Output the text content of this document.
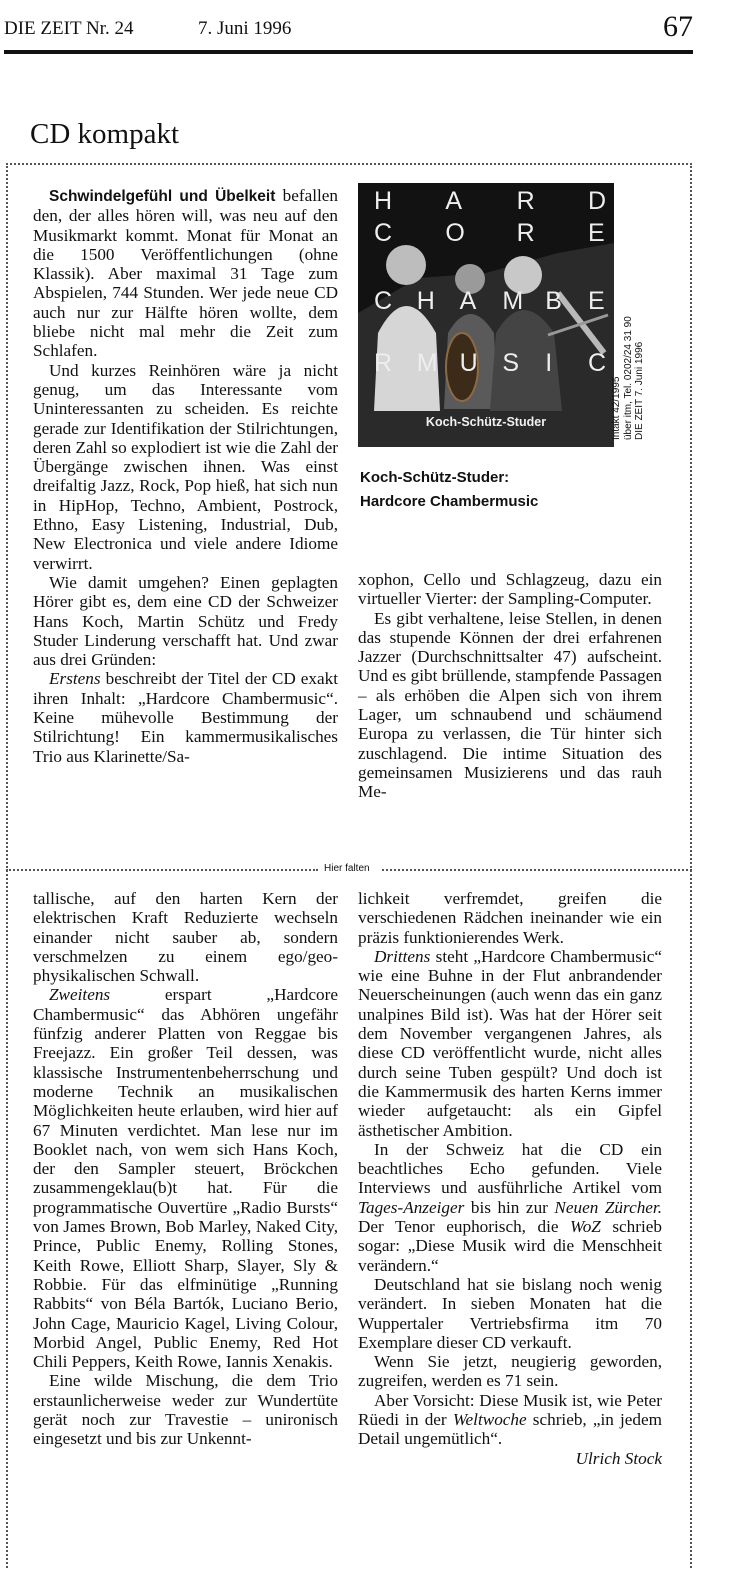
DIE ZEIT Nr. 24	7. Juni 1996	67
CD kompakt
Hier falten

Schwindelgefühl und Übelkeit befallen den, der alles hören will, was neu auf den Musikmarkt kommt. Monat für Monat an die 1500 Veröffentlichungen (ohne Klassik). Aber maximal 31 Tage zum Abspielen, 744 Stunden. Wer jede neue CD auch nur zur Hälfte hören wollte, dem bliebe nicht mal mehr die Zeit zum Schlafen.

Und kurzes Reinhören wäre ja nicht genug, um das Interessante vom Uninteressanten zu scheiden. Es reichte gerade zur Identifikation der Stilrichtungen, deren Zahl so explodiert ist wie die Zahl der Übergänge zwischen ihnen. Was einst dreifaltig Jazz, Rock, Pop hieß, hat sich nun in HipHop, Techno, Ambient, Postrock, Ethno, Easy Listening, Industrial, Dub, New Electronica und viele andere Idiome verwirrt.

Wie damit umgehen? Einen geplagten Hörer gibt es, dem eine CD der Schweizer Hans Koch, Martin Schütz und Fredy Studer Linderung verschafft hat. Und zwar aus drei Gründen:

Erstens beschreibt der Titel der CD exakt ihren Inhalt: „Hardcore Chambermusic“. Keine mühevolle Bestimmung der Stilrichtung! Ein kammermusikalisches Trio aus Klarinette/Sa-

xophon, Cello und Schlagzeug, dazu ein virtueller Vierter: der Sampling-Computer.

Es gibt verhaltene, leise Stellen, in denen das stupende Können der drei erfahrenen Jazzer (Durchschnittsalter 47) aufscheint. Und es gibt brüllende, stampfende Passagen – als erhöben die Alpen sich von ihrem Lager, um schnaubend und schäumend Europa zu verlassen, die Tür hinter sich zuschlagend. Die intime Situation des gemeinsamen Musizierens und das rauh Me-

tallische, auf den harten Kern der elektrischen Kraft Reduzierte wechseln einander nicht sauber ab, sondern verschmelzen zu einem ego/geo-physikalischen Schwall.

Zweitens erspart „Hardcore Chambermusic“ das Abhören ungefähr fünfzig anderer Platten von Reggae bis Freejazz. Ein großer Teil dessen, was klassische Instrumentenbeherrschung und moderne Technik an musikalischen Möglichkeiten heute erlauben, wird hier auf 67 Minuten verdichtet. Man lese nur im Booklet nach, von wem sich Hans Koch, der den Sampler steuert, Bröckchen zusammengeklau(b)t hat. Für die programmatische Ouvertüre „Radio Bursts“ von James Brown, Bob Marley, Naked City, Prince, Public Enemy, Rolling Stones, Keith Rowe, Elliott Sharp, Slayer, Sly & Robbie. Für das elfminütige „Running Rabbits“ von Béla Bartók, Luciano Berio, John Cage, Mauricio Kagel, Living Colour, Morbid Angel, Public Enemy, Red Hot Chili Peppers, Keith Rowe, Iannis Xenakis.

Eine wilde Mischung, die dem Trio erstaunlicherweise weder zur Wundertüte gerät noch zur Travestie – unironisch eingesetzt und bis zur Unkennt-

lichkeit verfremdet, greifen die verschiedenen Rädchen ineinander wie ein präzis funktionierendes Werk.

Drittens steht „Hardcore Chambermusic“ wie eine Buhne in der Flut anbrandender Neuerscheinungen (auch wenn das ein ganz unalpines Bild ist). Was hat der Hörer seit dem November vergangenen Jahres, als diese CD veröffentlicht wurde, nicht alles durch seine Tuben gespült? Und doch ist die Kammermusik des harten Kerns immer wieder aufgetaucht: als ein Gipfel ästhetischer Ambition.

In der Schweiz hat die CD ein beachtliches Echo gefunden. Viele Interviews und ausführliche Artikel vom Tages-Anzeiger bis hin zur Neuen Zürcher. Der Tenor euphorisch, die WoZ schrieb sogar: „Diese Musik wird die Menschheit verändern.“

Deutschland hat sie bislang noch wenig verändert. In sieben Monaten hat die Wuppertaler Vertriebsfirma itm 70 Exemplare dieser CD verkauft.

Wenn Sie jetzt, neugierig geworden, zugreifen, werden es 71 sein.

Aber Vorsicht: Diese Musik ist, wie Peter Rüedi in der Weltwoche schrieb, „in jedem Detail ungemütlich“.

Ulrich Stock

H A R D
C O R E
C H A M B E
R M U S I C
Koch-Schütz-Studer	Intakt 42/1995 über itm, Tel. 0202/24 31 90 DIE ZEIT 7. Juni 1996
Koch-Schütz-Studer:
Hardcore Chambermusic
